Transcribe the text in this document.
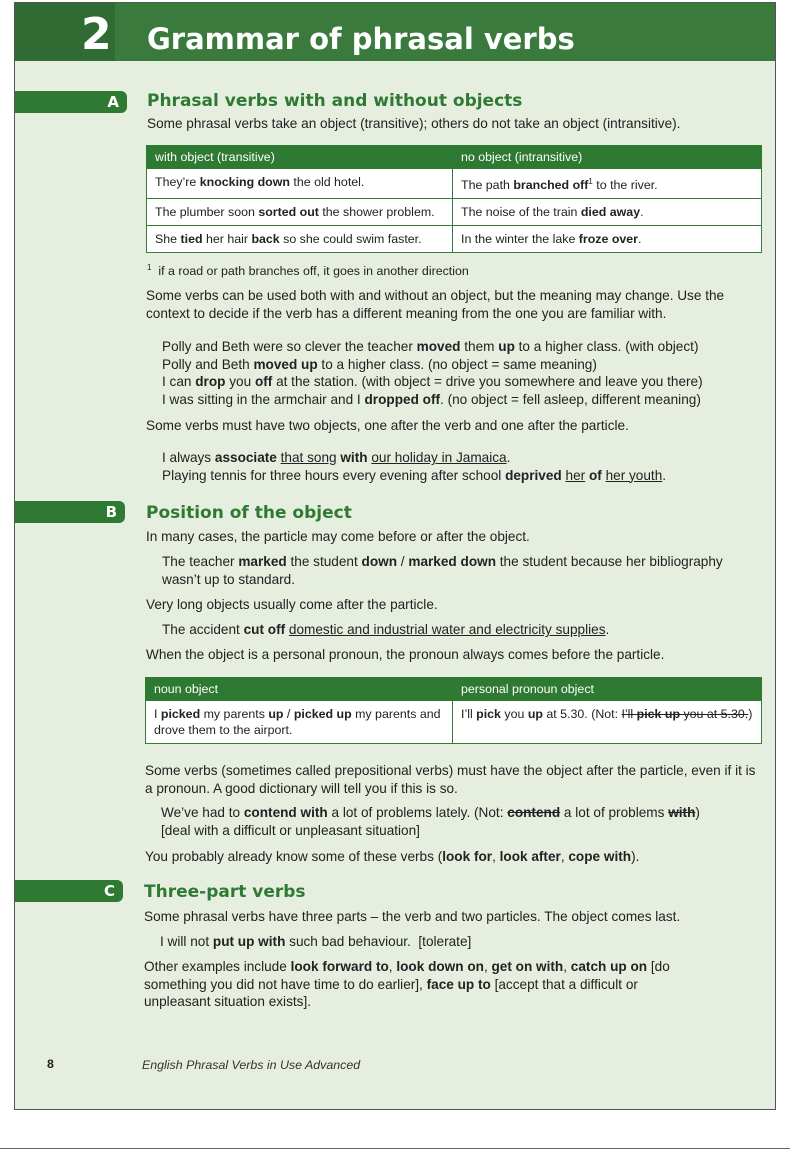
2 Grammar of phrasal verbs
A Phrasal verbs with and without objects
Some phrasal verbs take an object (transitive); others do not take an object (intransitive).
with object (transitive)	no object (intransitive)
They’re knocking down the old hotel.	The path branched off$^1$ to the river.
The plumber soon sorted out the shower problem.	The noise of the train died away.
She tied her hair back so she could swim faster.	In the winter the lake froze over.
$^1$ if a road or path branches off, it goes in another direction
Some verbs can be used both with and without an object, but the meaning may change. Use the context to decide if the verb has a different meaning from the one you are familiar with.
Polly and Beth were so clever the teacher moved them up to a higher class. (with object)
Polly and Beth moved up to a higher class. (no object = same meaning)
I can drop you off at the station. (with object = drive you somewhere and leave you there)
I was sitting in the armchair and I dropped off. (no object = fell asleep, different meaning)
Some verbs must have two objects, one after the verb and one after the particle.
I always associate that song with our holiday in Jamaica.
Playing tennis for three hours every evening after school deprived her of her youth.
B Position of the object
In many cases, the particle may come before or after the object.
The teacher marked the student down / marked down the student because her bibliography wasn’t up to standard.
Very long objects usually come after the particle.
The accident cut off domestic and industrial water and electricity supplies.
When the object is a personal pronoun, the pronoun always comes before the particle.
noun object	personal pronoun object
I picked my parents up / picked up my parents and drove them to the airport.	I’ll pick you up at 5.30. (Not: I’ll pick up you at 5.30.)
Some verbs (sometimes called prepositional verbs) must have the object after the particle, even if it is a pronoun. A good dictionary will tell you if this is so.
We’ve had to contend with a lot of problems lately. (Not: contend a lot of problems with)
[deal with a difficult or unpleasant situation]
You probably already know some of these verbs (look for, look after, cope with).
C Three-part verbs
Some phrasal verbs have three parts – the verb and two particles. The object comes last.
I will not put up with such bad behaviour.  [tolerate]
Other examples include look forward to, look down on, get on with, catch up on [do something you did not have time to do earlier], face up to [accept that a difficult or unpleasant situation exists].
8	English Phrasal Verbs in Use Advanced
